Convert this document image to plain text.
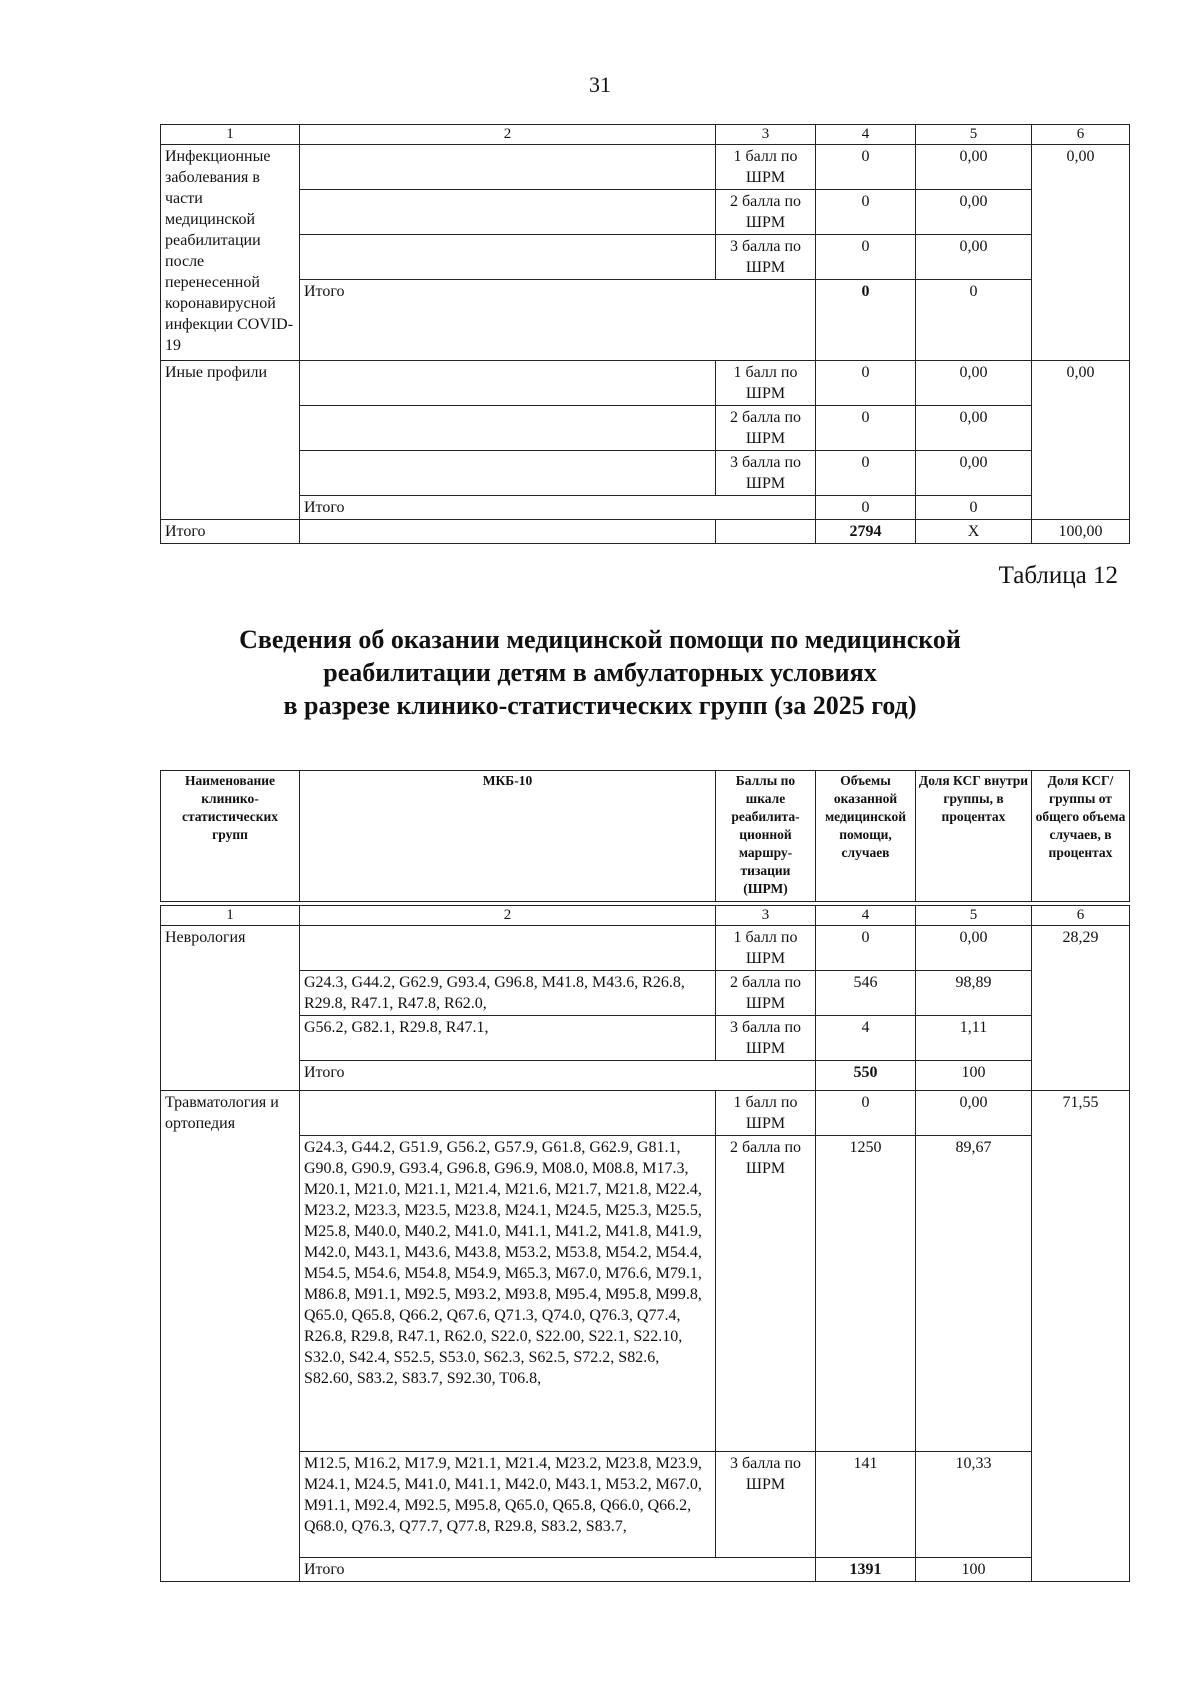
31
1	2	3	4	5	6
Инфекционные заболевания в части медицинской реабилитации после перенесенной коронавирусной инфекции COVID-19		1 балл по ШРМ	0	0,00	0,00
		2 балла по ШРМ	0	0,00	
		3 балла по ШРМ	0	0,00	
	Итого		0	0	
Иные профили		1 балл по ШРМ	0	0,00	0,00
		2 балла по ШРМ	0	0,00	
		3 балла по ШРМ	0	0,00	
	Итого		0	0	
Итого			2794	X	100,00
Таблица 12
Сведения об оказании медицинской помощи по медицинской
реабилитации детям в амбулаторных условиях
в разрезе клинико-статистических групп (за 2025 год)
Наименование клинико-статистических групп	МКБ-10	Баллы по шкале реабилита-ционной маршру-тизации (ШРМ)	Объемы оказанной медицинской помощи, случаев	Доля КСГ внутри группы, в процентах	Доля КСГ/ группы от общего объема случаев, в процентах

1	2	3	4	5	6
Неврология		1 балл по ШРМ	0	0,00	28,29
	G24.3, G44.2, G62.9, G93.4, G96.8, M41.8, M43.6, R26.8, R29.8, R47.1, R47.8, R62.0,	2 балла по ШРМ	546	98,89	
	G56.2, G82.1, R29.8, R47.1,	3 балла по ШРМ	4	1,11	
	Итого		550	100	
Травматология и ортопедия		1 балл по ШРМ	0	0,00	71,55
	G24.3, G44.2, G51.9, G56.2, G57.9, G61.8, G62.9, G81.1, G90.8, G90.9, G93.4, G96.8, G96.9, M08.0, M08.8, M17.3, M20.1, M21.0, M21.1, M21.4, M21.6, M21.7, M21.8, M22.4, M23.2, M23.3, M23.5, M23.8, M24.1, M24.5, M25.3, M25.5, M25.8, M40.0, M40.2, M41.0, M41.1, M41.2, M41.8, M41.9, M42.0, M43.1, M43.6, M43.8, M53.2, M53.8, M54.2, M54.4, M54.5, M54.6, M54.8, M54.9, M65.3, M67.0, M76.6, M79.1, M86.8, M91.1, M92.5, M93.2, M93.8, M95.4, M95.8, M99.8, Q65.0, Q65.8, Q66.2, Q67.6, Q71.3, Q74.0, Q76.3, Q77.4, R26.8, R29.8, R47.1, R62.0, S22.0, S22.00, S22.1, S22.10, S32.0, S42.4, S52.5, S53.0, S62.3, S62.5, S72.2, S82.6, S82.60, S83.2, S83.7, S92.30, T06.8,	2 балла по ШРМ	1250	89,67	
	M12.5, M16.2, M17.9, M21.1, M21.4, M23.2, M23.8, M23.9, M24.1, M24.5, M41.0, M41.1, M42.0, M43.1, M53.2, M67.0, M91.1, M92.4, M92.5, M95.8, Q65.0, Q65.8, Q66.0, Q66.2, Q68.0, Q76.3, Q77.7, Q77.8, R29.8, S83.2, S83.7,	3 балла по ШРМ	141	10,33	
	Итого		1391	100	
